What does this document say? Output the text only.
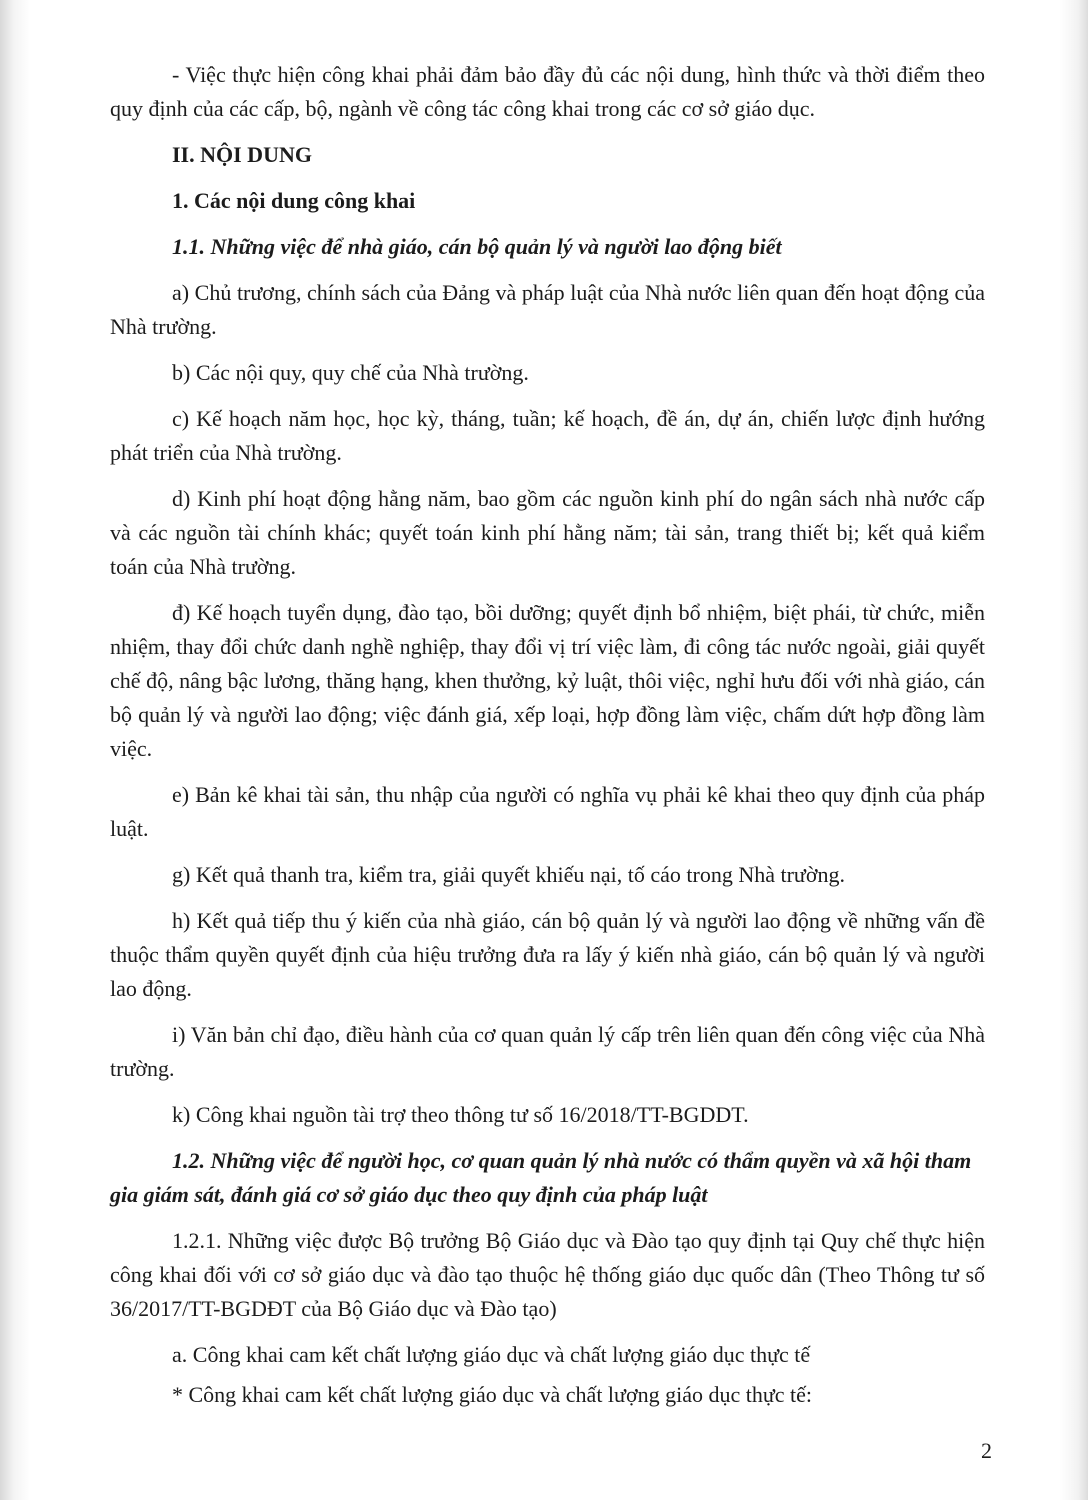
- Việc thực hiện công khai phải đảm bảo đầy đủ các nội dung, hình thức và thời điểm theo quy định của các cấp, bộ, ngành về công tác công khai trong các cơ sở giáo dục.

II. NỘI DUNG

1. Các nội dung công khai

1.1. Những việc để nhà giáo, cán bộ quản lý và người lao động biết

a) Chủ trương, chính sách của Đảng và pháp luật của Nhà nước liên quan đến hoạt động của Nhà trường.

b) Các nội quy, quy chế của Nhà trường.

c) Kế hoạch năm học, học kỳ, tháng, tuần; kế hoạch, đề án, dự án, chiến lược định hướng phát triển của Nhà trường.

d) Kinh phí hoạt động hằng năm, bao gồm các nguồn kinh phí do ngân sách nhà nước cấp và các nguồn tài chính khác; quyết toán kinh phí hằng năm; tài sản, trang thiết bị; kết quả kiểm toán của Nhà trường.

đ) Kế hoạch tuyển dụng, đào tạo, bồi dưỡng; quyết định bổ nhiệm, biệt phái, từ chức, miễn nhiệm, thay đổi chức danh nghề nghiệp, thay đổi vị trí việc làm, đi công tác nước ngoài, giải quyết chế độ, nâng bậc lương, thăng hạng, khen thưởng, kỷ luật, thôi việc, nghỉ hưu đối với nhà giáo, cán bộ quản lý và người lao động; việc đánh giá, xếp loại, hợp đồng làm việc, chấm dứt hợp đồng làm việc.

e) Bản kê khai tài sản, thu nhập của người có nghĩa vụ phải kê khai theo quy định của pháp luật.

g) Kết quả thanh tra, kiểm tra, giải quyết khiếu nại, tố cáo trong Nhà trường.

h) Kết quả tiếp thu ý kiến của nhà giáo, cán bộ quản lý và người lao động về những vấn đề thuộc thẩm quyền quyết định của hiệu trưởng đưa ra lấy ý kiến nhà giáo, cán bộ quản lý và người lao động.

i) Văn bản chỉ đạo, điều hành của cơ quan quản lý cấp trên liên quan đến công việc của Nhà trường.

k) Công khai nguồn tài trợ theo thông tư số 16/2018/TT-BGDDT.

1.2. Những việc để người học, cơ quan quản lý nhà nước có thẩm quyền và xã hội tham gia giám sát, đánh giá cơ sở giáo dục theo quy định của pháp luật

1.2.1. Những việc được Bộ trưởng Bộ Giáo dục và Đào tạo quy định tại Quy chế thực hiện công khai đối với cơ sở giáo dục và đào tạo thuộc hệ thống giáo dục quốc dân (Theo Thông tư số 36/2017/TT-BGDĐT của Bộ Giáo dục và Đào tạo)

a. Công khai cam kết chất lượng giáo dục và chất lượng giáo dục thực tế

* Công khai cam kết chất lượng giáo dục và chất lượng giáo dục thực tế:

2
